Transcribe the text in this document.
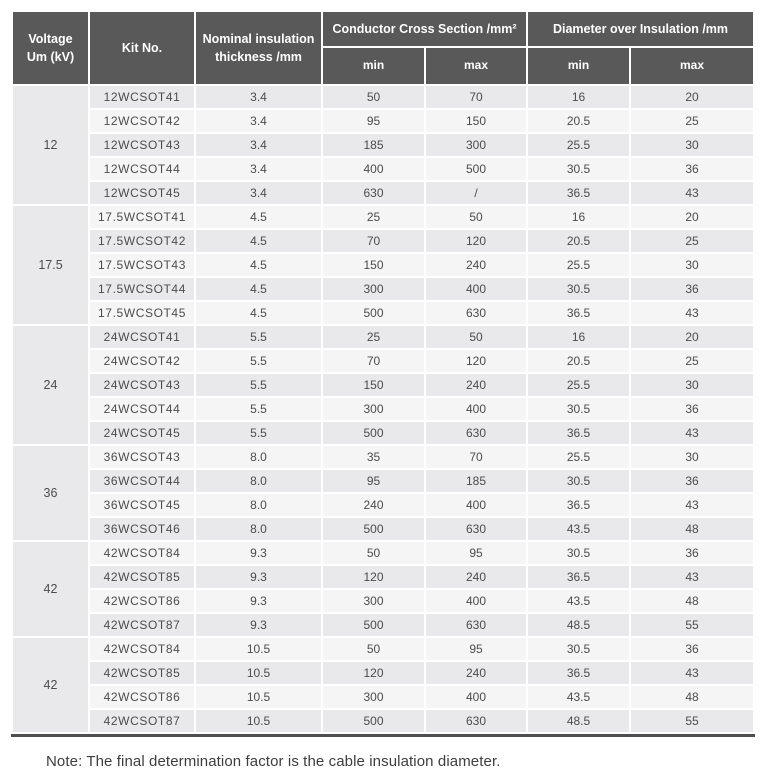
Voltage
Um (kV)
	Kit No.	
Nominal insulation
thickness /mm
	Conductor Cross Section /mm²	Diameter over Insulation /mm
			min	max	min	max
12	12WCSOT41	3.4	50	70	16	20
	12WCSOT42	3.4	95	150	20.5	25
	12WCSOT43	3.4	185	300	25.5	30
	12WCSOT44	3.4	400	500	30.5	36
	12WCSOT45	3.4	630	/	36.5	43
17.5	17.5WCSOT41	4.5	25	50	16	20
	17.5WCSOT42	4.5	70	120	20.5	25
	17.5WCSOT43	4.5	150	240	25.5	30
	17.5WCSOT44	4.5	300	400	30.5	36
	17.5WCSOT45	4.5	500	630	36.5	43
24	24WCSOT41	5.5	25	50	16	20
	24WCSOT42	5.5	70	120	20.5	25
	24WCSOT43	5.5	150	240	25.5	30
	24WCSOT44	5.5	300	400	30.5	36
	24WCSOT45	5.5	500	630	36.5	43
36	36WCSOT43	8.0	35	70	25.5	30
	36WCSOT44	8.0	95	185	30.5	36
	36WCSOT45	8.0	240	400	36.5	43
	36WCSOT46	8.0	500	630	43.5	48
42	42WCSOT84	9.3	50	95	30.5	36
	42WCSOT85	9.3	120	240	36.5	43
	42WCSOT86	9.3	300	400	43.5	48
	42WCSOT87	9.3	500	630	48.5	55
42	42WCSOT84	10.5	50	95	30.5	36
	42WCSOT85	10.5	120	240	36.5	43
	42WCSOT86	10.5	300	400	43.5	48
	42WCSOT87	10.5	500	630	48.5	55

Note: The final determination factor is the cable insulation diameter.
